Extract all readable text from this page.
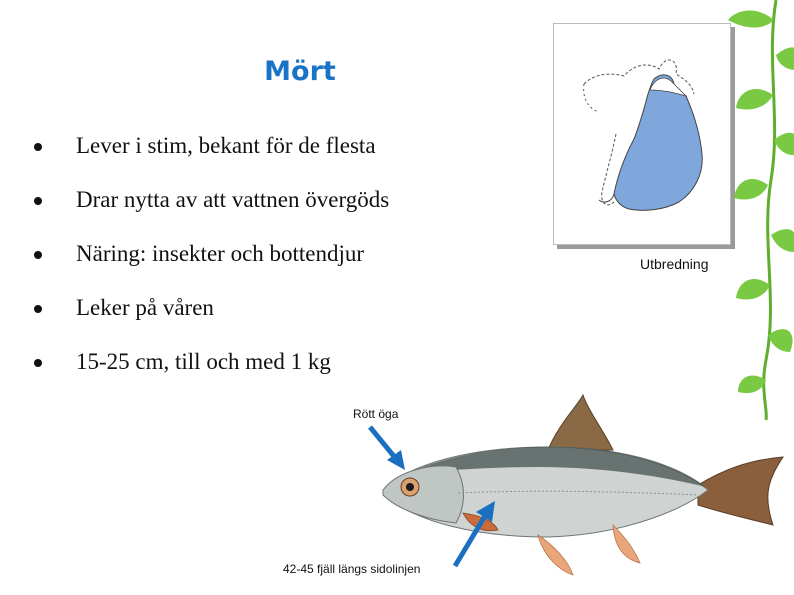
Mört
Lever i stim, bekant för de flesta
Drar nytta av att vattnen övergöds
Näring: insekter och bottendjur
Leker på våren
15-25 cm, till och med 1 kg
Utbredning
Rött öga
42-45 fjäll längs sidolinjen
